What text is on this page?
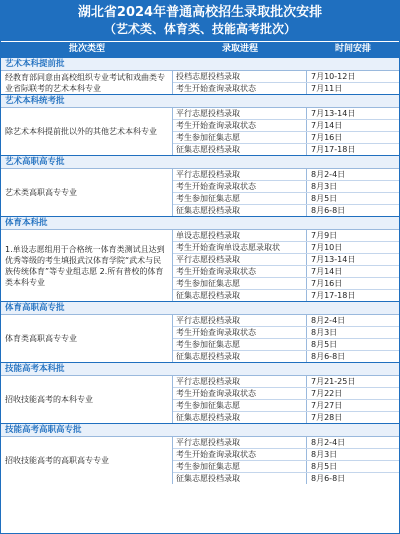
湖北省2024年普通高校招生录取批次安排
（艺术类、体育类、技能高考批次）
批次类型	录取进程	时间安排
艺术本科提前批
经教育部同意由高校组织专业考试和戏曲类专业省际联考的艺术本科专业
投档志愿投档录取	7月10-12日
考生开始查询录取状态	7月11日
艺术本科统考批
除艺术本科提前批以外的其他艺术本科专业
平行志愿投档录取	7月13-14日
考生开始查询录取状态	7月14日
考生参加征集志愿	7月16日
征集志愿投档录取	7月17-18日
艺术高职高专批
艺术类高职高专专业
平行志愿投档录取	8月2-4日
考生开始查询录取状态	8月3日
考生参加征集志愿	8月5日
征集志愿投档录取	8月6-8日
体育本科批
1.单设志愿组用于合格统一体育类测试且达到优秀等级的考生填报武汉体育学院“武术与民族传统体育”等专业组志愿 2.所有普校的体育类本科专业
单设志愿投档录取	7月9日
考生开始查询单设志愿录取状	7月10日
平行志愿投档录取	7月13-14日
考生开始查询录取状态	7月14日
考生参加征集志愿	7月16日
征集志愿投档录取	7月17-18日
体育高职高专批
体育类高职高专专业
平行志愿投档录取	8月2-4日
考生开始查询录取状态	8月3日
考生参加征集志愿	8月5日
征集志愿投档录取	8月6-8日
技能高考本科批
招收技能高考的本科专业
平行志愿投档录取	7月21-25日
考生开始查询录取状态	7月22日
考生参加征集志愿	7月27日
征集志愿投档录取	7月28日
技能高考高职高专批
招收技能高考的高职高专专业
平行志愿投档录取	8月2-4日
考生开始查询录取状态	8月3日
考生参加征集志愿	8月5日
征集志愿投档录取	8月6-8日
